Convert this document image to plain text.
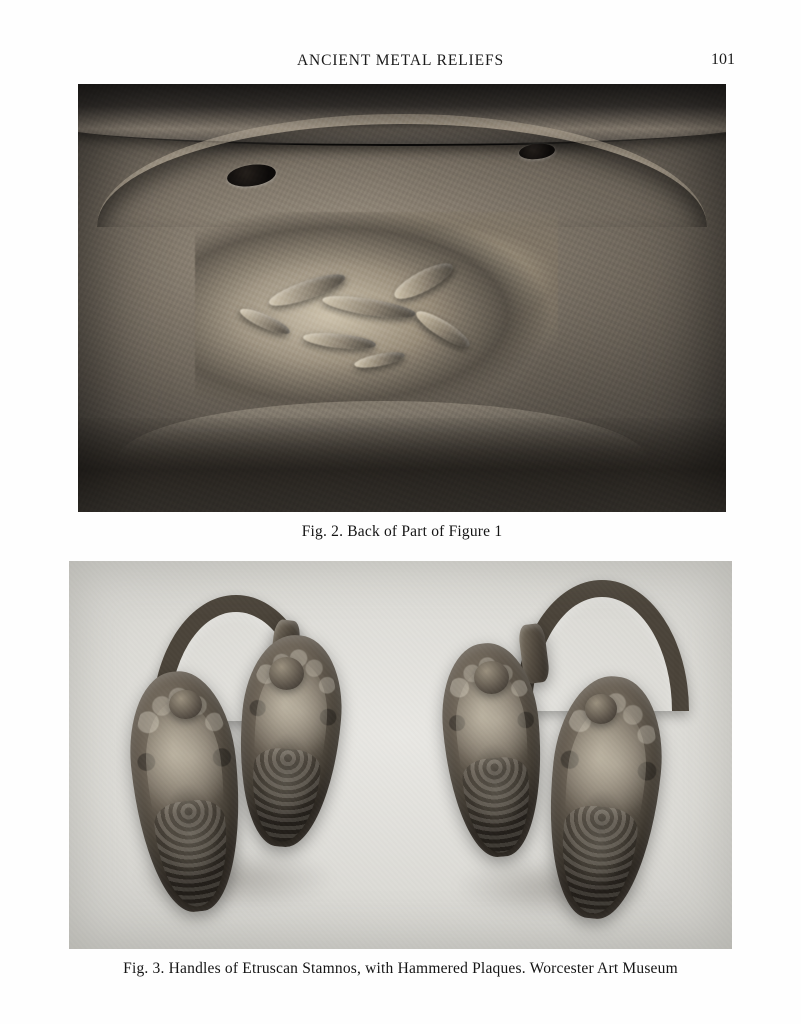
ANCIENT METAL RELIEFS	101
Fig. 2. Back of Part of Figure 1
Fig. 3. Handles of Etruscan Stamnos, with Hammered Plaques. Worcester Art Museum
